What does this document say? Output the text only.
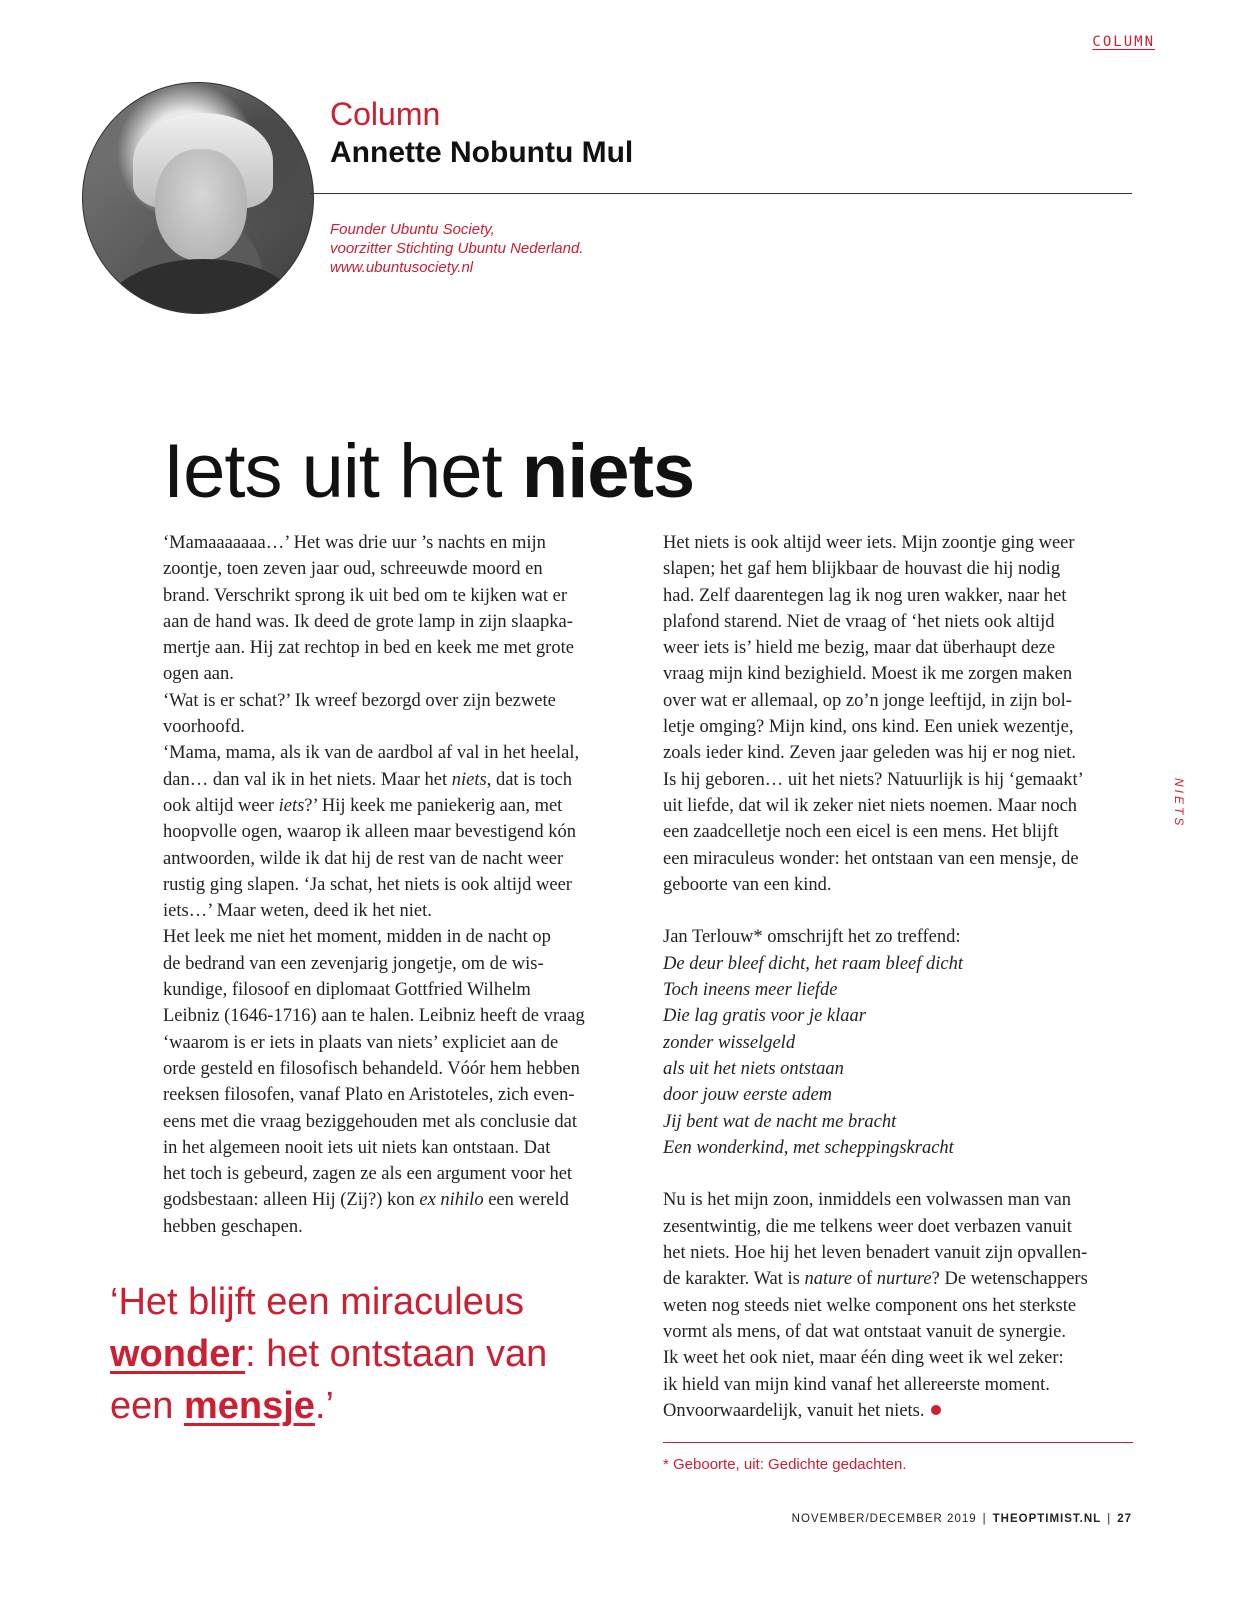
COLUMN
Column
Annette Nobuntu Mul
Founder Ubuntu Society,
voorzitter Stichting Ubuntu Nederland.
www.ubuntusociety.nl
Iets uit het niets

‘Mamaaaaaaa…’ Het was drie uur ’s nachts en mijn

zoontje, toen zeven jaar oud, schreeuwde moord en

brand. Verschrikt sprong ik uit bed om te kijken wat er

aan de hand was. Ik deed de grote lamp in zijn slaapka-

mertje aan. Hij zat rechtop in bed en keek me met grote

ogen aan.

‘Wat is er schat?’ Ik wreef bezorgd over zijn bezwete

voorhoofd.

‘Mama, mama, als ik van de aardbol af val in het heelal,

dan… dan val ik in het niets. Maar het niets, dat is toch

ook altijd weer iets?’ Hij keek me paniekerig aan, met

hoopvolle ogen, waarop ik alleen maar bevestigend kón

antwoorden, wilde ik dat hij de rest van de nacht weer

rustig ging slapen. ‘Ja schat, het niets is ook altijd weer

iets…’ Maar weten, deed ik het niet.

Het leek me niet het moment, midden in de nacht op

de bedrand van een zevenjarig jongetje, om de wis-

kundige, filosoof en diplomaat Gottfried Wilhelm

Leibniz (1646-1716) aan te halen. Leibniz heeft de vraag

‘waarom is er iets in plaats van niets’ expliciet aan de

orde gesteld en filosofisch behandeld. Vóór hem hebben

reeksen filosofen, vanaf Plato en Aristoteles, zich even-

eens met die vraag beziggehouden met als conclusie dat

in het algemeen nooit iets uit niets kan ontstaan. Dat

het toch is gebeurd, zagen ze als een argument voor het

godsbestaan: alleen Hij (Zij?) kon ex nihilo een wereld

hebben geschapen.

Het niets is ook altijd weer iets. Mijn zoontje ging weer

slapen; het gaf hem blijkbaar de houvast die hij nodig

had. Zelf daarentegen lag ik nog uren wakker, naar het

plafond starend. Niet de vraag of ‘het niets ook altijd

weer iets is’ hield me bezig, maar dat überhaupt deze

vraag mijn kind bezighield. Moest ik me zorgen maken

over wat er allemaal, op zo’n jonge leeftijd, in zijn bol-

letje omging? Mijn kind, ons kind. Een uniek wezentje,

zoals ieder kind. Zeven jaar geleden was hij er nog niet.

Is hij geboren… uit het niets? Natuurlijk is hij ‘gemaakt’

uit liefde, dat wil ik zeker niet niets noemen. Maar noch

een zaadcelletje noch een eicel is een mens. Het blijft

een miraculeus wonder: het ontstaan van een mensje, de

geboorte van een kind.

Jan Terlouw* omschrijft het zo treffend:

De deur bleef dicht, het raam bleef dicht

Toch ineens meer liefde

Die lag gratis voor je klaar

zonder wisselgeld

als uit het niets ontstaan

door jouw eerste adem

Jij bent wat de nacht me bracht

Een wonderkind, met scheppingskracht

Nu is het mijn zoon, inmiddels een volwassen man van

zesentwintig, die me telkens weer doet verbazen vanuit

het niets. Hoe hij het leven benadert vanuit zijn opvallen-

de karakter. Wat is nature of nurture? De wetenschappers

weten nog steeds niet welke component ons het sterkste

vormt als mens, of dat wat ontstaat vanuit de synergie.

Ik weet het ook niet, maar één ding weet ik wel zeker:

ik hield van mijn kind vanaf het allereerste moment.

Onvoorwaardelijk, vanuit het niets.

‘Het blijft een miraculeus

wonder: het ontstaan van

een mensje.’

NIETS
* Geboorte, uit: Gedichte gedachten.
NOVEMBER/DECEMBER 2019 | THEOPTIMIST.NL | 27
